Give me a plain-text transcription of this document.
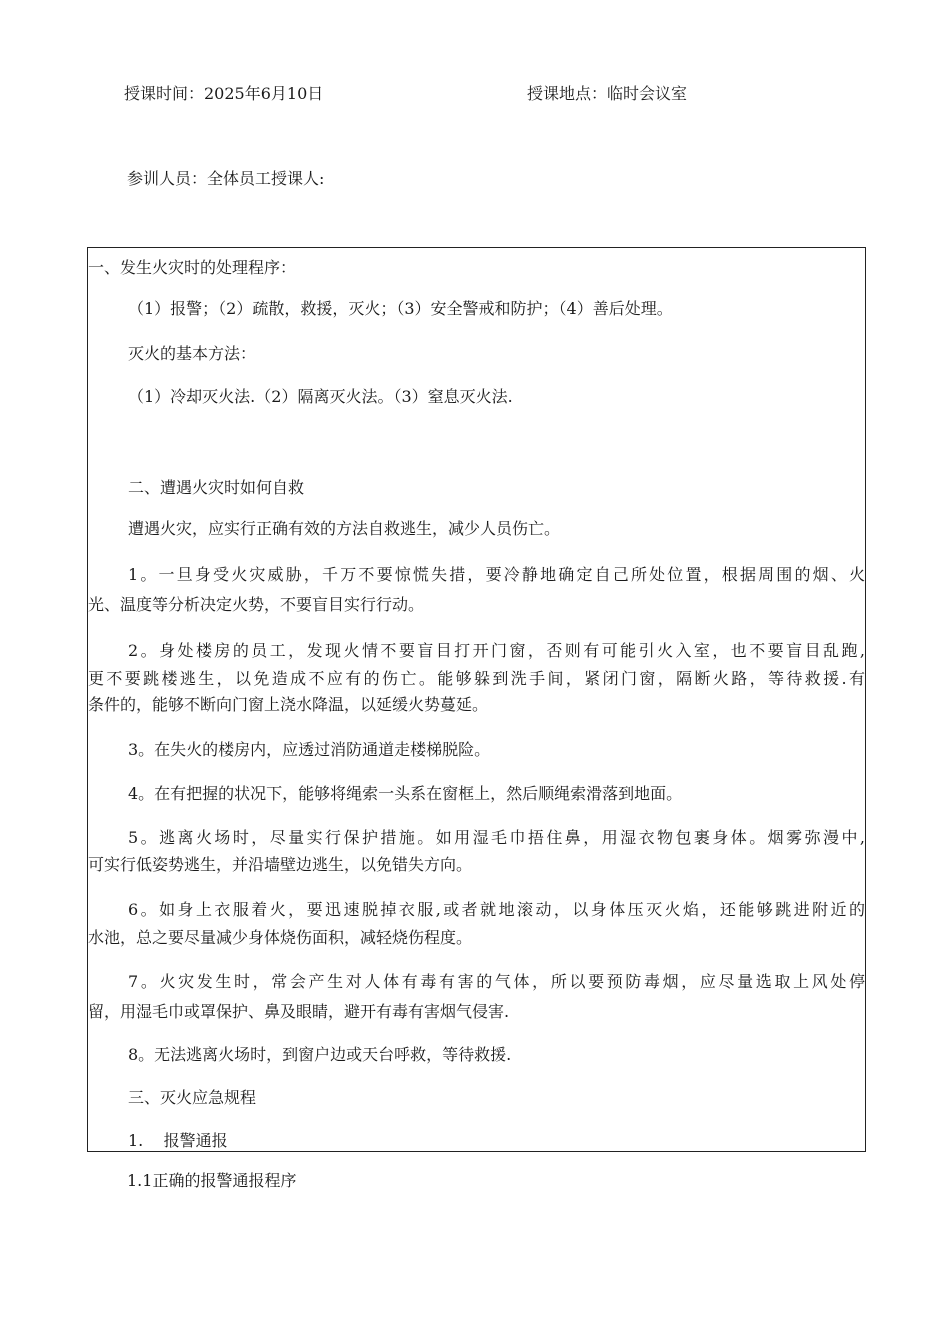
授课时间：2025年6月10日	授课地点：临时会议室
参训人员：全体员工授课人:
一、发生火灾时的处理程序：
（1）报警；（2）疏散，救援，灭火；（3）安全警戒和防护；（4）善后处理。
灭火的基本方法：
（1）冷却灭火法.（2）隔离灭火法。（3）窒息灭火法.
二、遭遇火灾时如何自救
遭遇火灾，应实行正确有效的方法自救逃生，减少人员伤亡。
1。一旦身受火灾威胁，千万不要惊慌失措，要冷静地确定自己所处位置，根据周围的烟、火
光、温度等分析决定火势，不要盲目实行行动。
2。身处楼房的员工，发现火情不要盲目打开门窗，否则有可能引火入室，也不要盲目乱跑,
更不要跳楼逃生，以免造成不应有的伤亡。能够躲到洗手间，紧闭门窗，隔断火路，等待救援.有
条件的，能够不断向门窗上浇水降温，以延缓火势蔓延。
3。在失火的楼房内，应透过消防通道走楼梯脱险。
4。在有把握的状况下，能够将绳索一头系在窗框上，然后顺绳索滑落到地面。
5。逃离火场时，尽量实行保护措施。如用湿毛巾捂住鼻，用湿衣物包裹身体。烟雾弥漫中,
可实行低姿势逃生，并沿墙壁边逃生，以免错失方向。
6。如身上衣服着火，要迅速脱掉衣服,或者就地滚动，以身体压灭火焰，还能够跳进附近的
水池，总之要尽量减少身体烧伤面积，减轻烧伤程度。
7。火灾发生时，常会产生对人体有毒有害的气体，所以要预防毒烟，应尽量选取上风处停
留，用湿毛巾或罩保护、鼻及眼睛，避开有毒有害烟气侵害.
8。无法逃离火场时，到窗户边或天台呼救，等待救援.
三、灭火应急规程
1.    报警通报
1.1正确的报警通报程序
